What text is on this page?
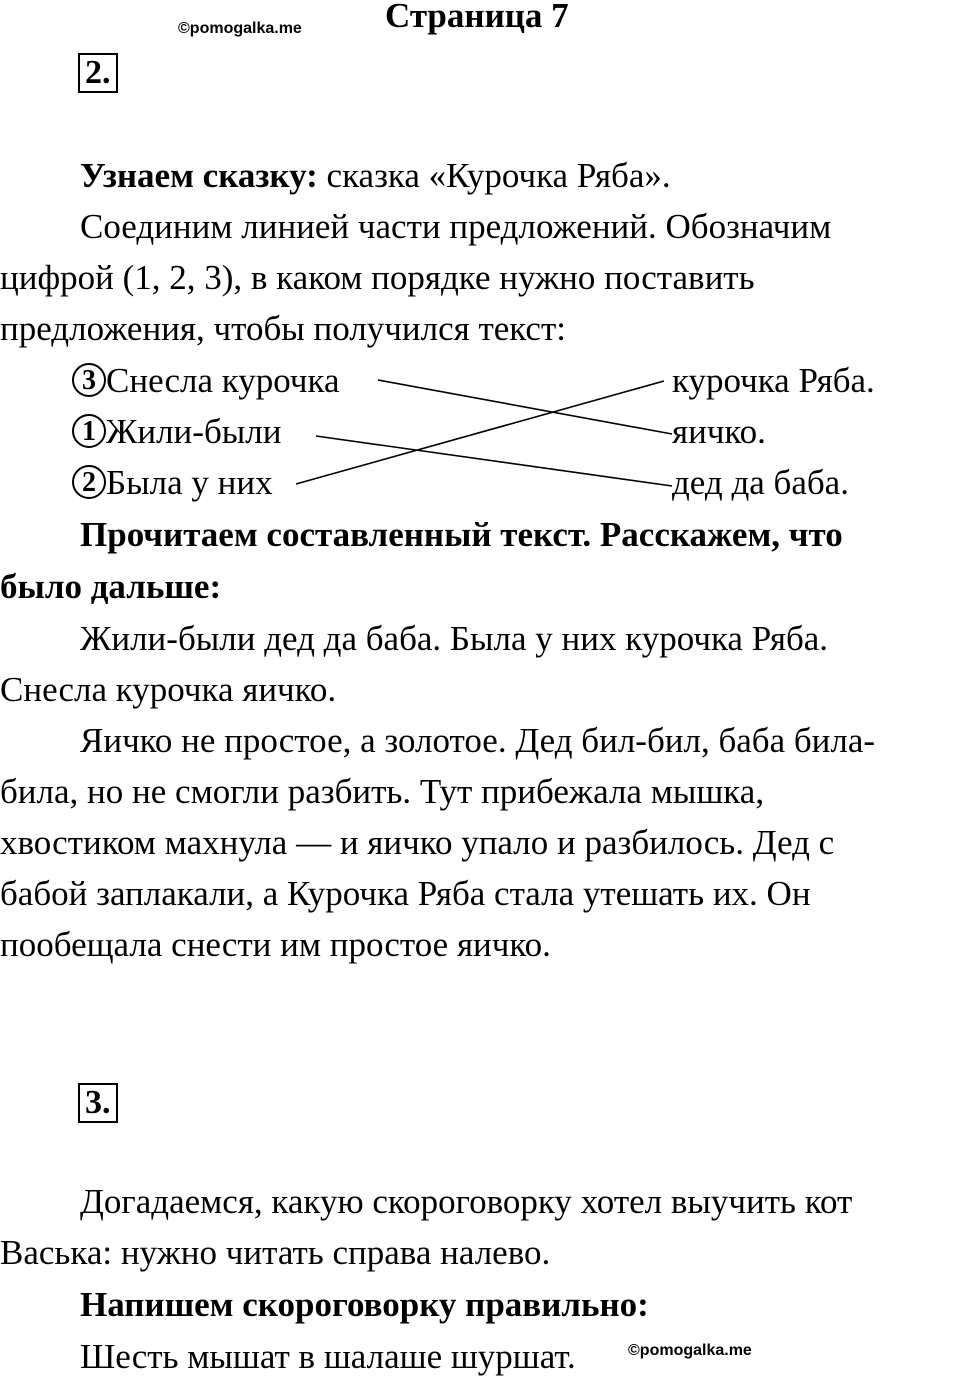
©pomogalka.me Страница 7
2.
Узнаем сказку: сказка «Курочка Ряба».
Соединим линией части предложений. Обозначим
цифрой (1, 2, 3), в каком порядке нужно поставить
предложения, чтобы получился текст:
3 Снесла курочка
1 Жили-были
2 Была у них
курочка Ряба.
яичко.
дед да баба.
Прочитаем составленный текст. Расскажем, что
было дальше:
Жили-были дед да баба. Была у них курочка Ряба.
Снесла курочка яичко.
Яичко не простое, а золотое. Дед бил-бил, баба била-
била, но не смогли разбить. Тут прибежала мышка,
хвостиком махнула — и яичко упало и разбилось. Дед с
бабой заплакали, а Курочка Ряба стала утешать их. Он
пообещала снести им простое яичко.
3.
Догадаемся, какую скороговорку хотел выучить кот
Васька: нужно читать справа налево.
Напишем скороговорку правильно:
Шесть мышат в шалаше шуршат.	©pomogalka.me
